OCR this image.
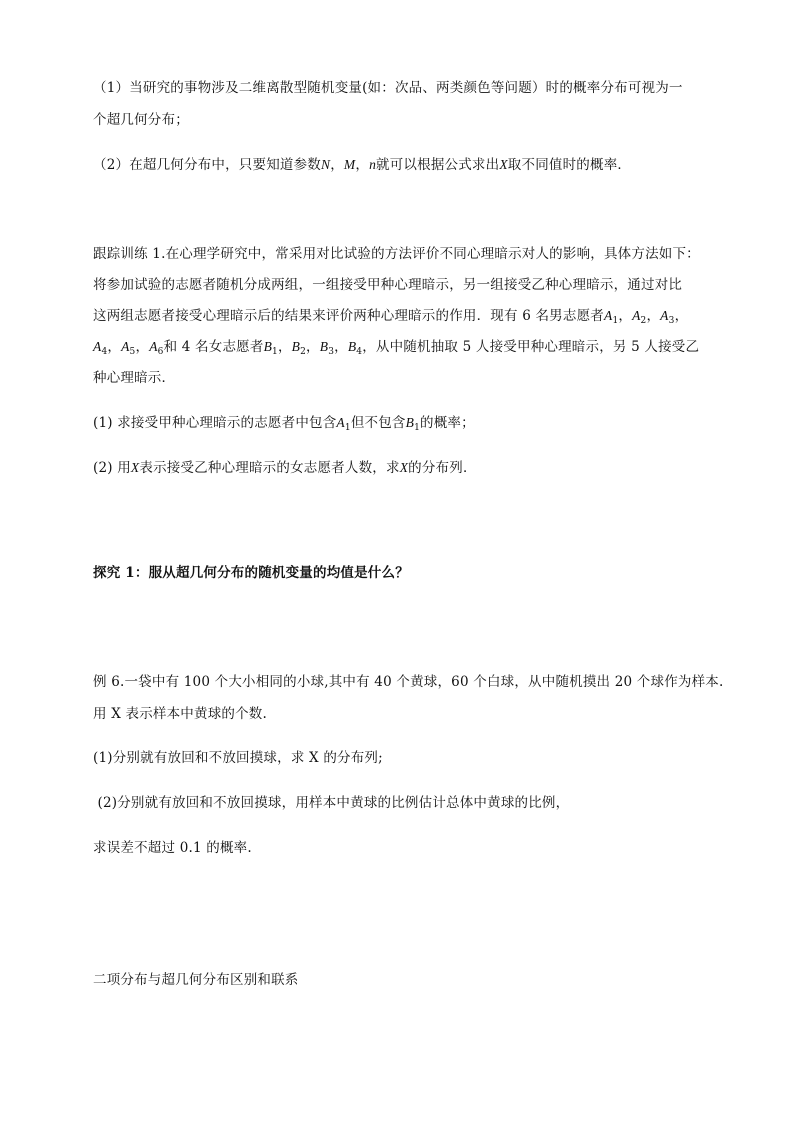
（1）当研究的事物涉及二维离散型随机变量(如：次品、两类颜色等问题）时的概率分布可视为一
个超几何分布；
（2）在超几何分布中，只要知道参数N，M，n就可以根据公式求出X取不同值时的概率．
跟踪训练 1.在心理学研究中，常采用对比试验的方法评价不同心理暗示对人的影响，具体方法如下：
将参加试验的志愿者随机分成两组，一组接受甲种心理暗示，另一组接受乙种心理暗示，通过对比
这两组志愿者接受心理暗示后的结果来评价两种心理暗示的作用．现有 6 名男志愿者$A_1$，$A_2$，$A_3$，
$A_4$，$A_5$，$A_6$和 4 名女志愿者$B_1$，$B_2$，$B_3$，$B_4$，从中随机抽取 5 人接受甲种心理暗示，另 5 人接受乙
种心理暗示．
(1) 求接受甲种心理暗示的志愿者中包含$A_1$但不包含$B_1$的概率；
(2) 用X表示接受乙种心理暗示的女志愿者人数，求X的分布列．
探究 1：服从超几何分布的随机变量的均值是什么？
例 6.一袋中有 100 个大小相同的小球,其中有 40 个黄球，60 个白球，从中随机摸出 20 个球作为样本.
用 X 表示样本中黄球的个数.
(1)分别就有放回和不放回摸球，求 X 的分布列;
(2)分别就有放回和不放回摸球，用样本中黄球的比例估计总体中黄球的比例，
求误差不超过 0.1 的概率.
二项分布与超几何分布区别和联系
